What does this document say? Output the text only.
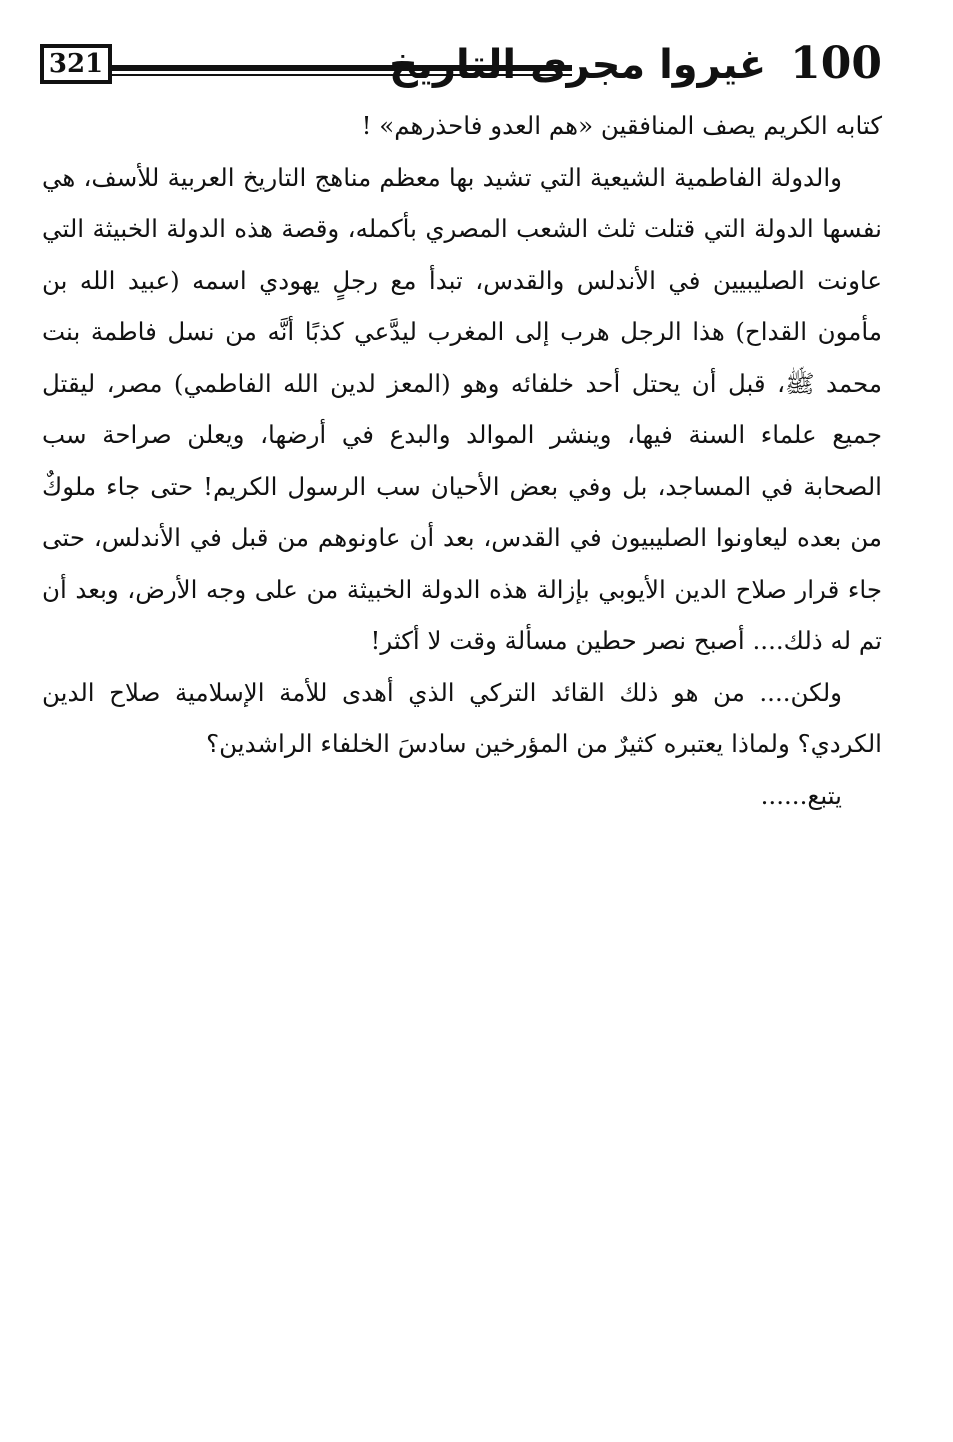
321	100 غيروا مجرى التاريخ

كتابه الكريم يصف المنافقين «هم العدو فاحذرهم» !

والدولة الفاطمية الشيعية التي تشيد بها معظم مناهج التاريخ العربية للأسف، هي نفسها الدولة التي قتلت ثلث الشعب المصري بأكمله، وقصة هذه الدولة الخبيثة التي عاونت الصليبيين في الأندلس والقدس، تبدأ مع رجلٍ يهودي اسمه (عبيد الله بن مأمون القداح) هذا الرجل هرب إلى المغرب ليدَّعي كذبًا أنَّه من نسل فاطمة بنت محمد ﷺ، قبل أن يحتل أحد خلفائه وهو (المعز لدين الله الفاطمي) مصر، ليقتل جميع علماء السنة فيها، وينشر الموالد والبدع في أرضها، ويعلن صراحة سب الصحابة في المساجد، بل وفي بعض الأحيان سب الرسول الكريم! حتى جاء ملوكٌ من بعده ليعاونوا الصليبيون في القدس، بعد أن عاونوهم من قبل في الأندلس، حتى جاء قرار صلاح الدين الأيوبي بإزالة هذه الدولة الخبيثة من على وجه الأرض، وبعد أن تم له ذلك.... أصبح نصر حطين مسألة وقت لا أكثر!

ولكن.... من هو ذلك القائد التركي الذي أهدى للأمة الإسلامية صلاح الدين الكردي؟ ولماذا يعتبره كثيرٌ من المؤرخين سادسَ الخلفاء الراشدين؟

يتبع......
